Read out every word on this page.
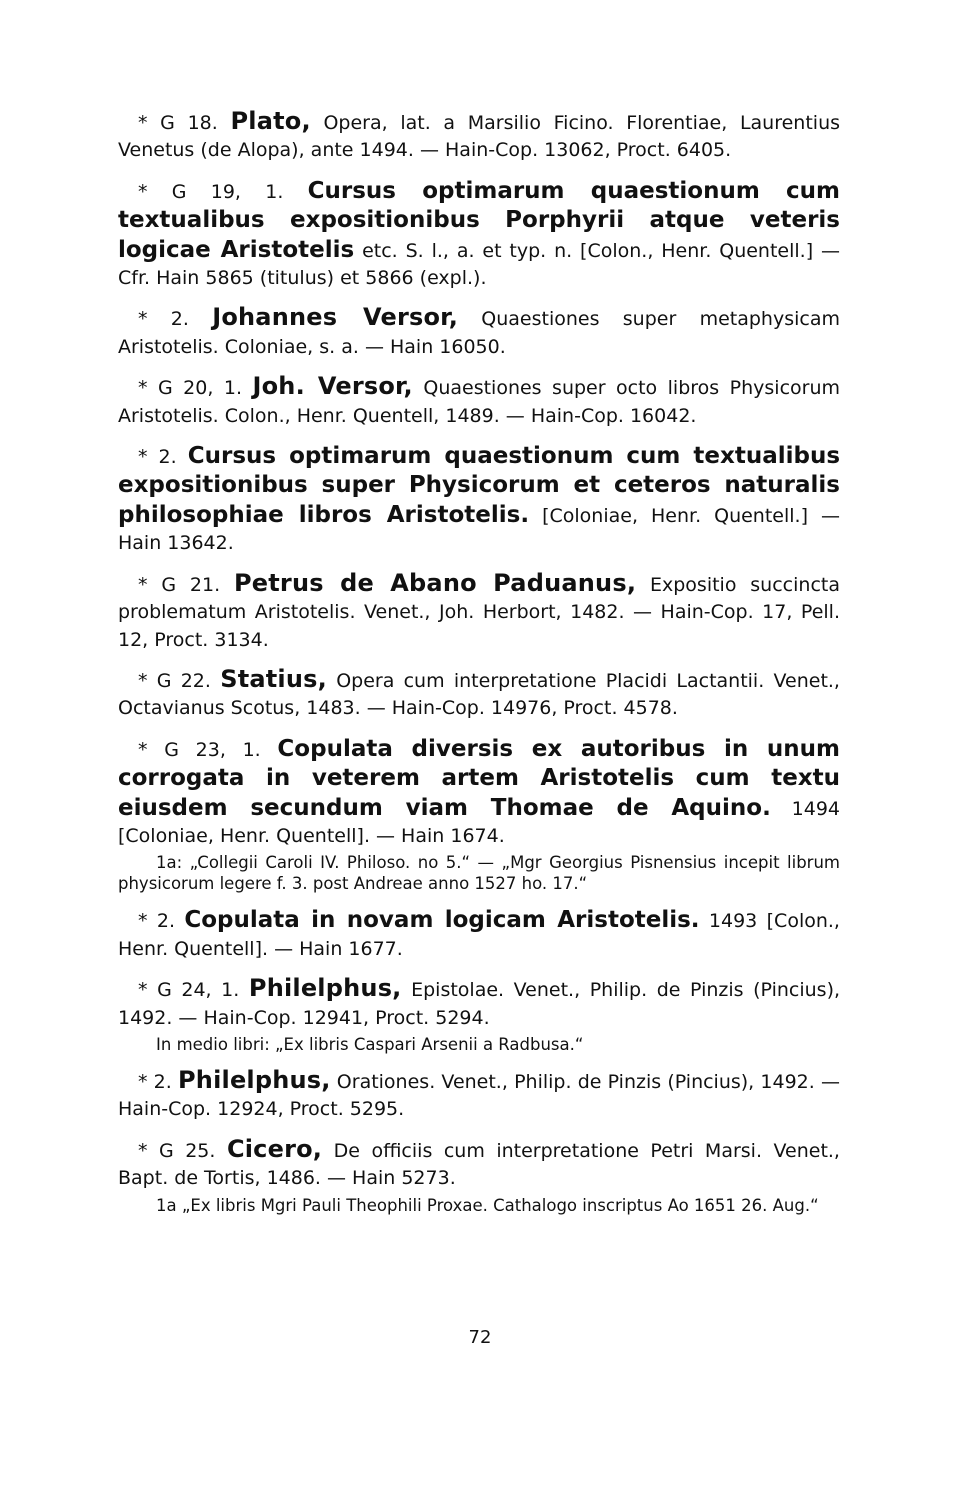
* G 18. Plato, Opera, lat. a Marsilio Ficino. Florentiae, Laurentius Venetus (de Alopa), ante 1494. — Hain-Cop. 13062, Proct. 6405.

* G 19, 1. Cursus optimarum quaestionum cum textualibus expositionibus Porphyrii atque veteris logicae Aristotelis etc. S. l., a. et typ. n. [Colon., Henr. Quentell.] — Cfr. Hain 5865 (titulus) et 5866 (expl.).

* 2. Johannes Versor, Quaestiones super metaphysicam Aristotelis. Coloniae, s. a. — Hain 16050.

* G 20, 1. Joh. Versor, Quaestiones super octo libros Physicorum Aristotelis. Colon., Henr. Quentell, 1489. — Hain-Cop. 16042.

* 2. Cursus optimarum quaestionum cum textualibus expositionibus super Physicorum et ceteros naturalis philosophiae libros Aristotelis. [Coloniae, Henr. Quentell.] — Hain 13642.

* G 21. Petrus de Abano Paduanus, Expositio succincta problematum Aristotelis. Venet., Joh. Herbort, 1482. — Hain-Cop. 17, Pell. 12, Proct. 3134.

* G 22. Statius, Opera cum interpretatione Placidi Lactantii. Venet., Octavianus Scotus, 1483. — Hain-Cop. 14976, Proct. 4578.

* G 23, 1. Copulata diversis ex autoribus in unum corrogata in veterem artem Aristotelis cum textu eiusdem secundum viam Thomae de Aquino. 1494 [Coloniae, Henr. Quentell]. — Hain 1674.

1a: „Collegii Caroli IV. Philoso. no 5.“ — „Mgr Georgius Pisnensius incepit librum physicorum legere f. 3. post Andreae anno 1527 ho. 17.“

* 2. Copulata in novam logicam Aristotelis. 1493 [Colon., Henr. Quentell]. — Hain 1677.

* G 24, 1. Philelphus, Epistolae. Venet., Philip. de Pinzis (Pincius), 1492. — Hain-Cop. 12941, Proct. 5294.

In medio libri: „Ex libris Caspari Arsenii a Radbusa.“

* 2. Philelphus, Orationes. Venet., Philip. de Pinzis (Pincius), 1492. — Hain-Cop. 12924, Proct. 5295.

* G 25. Cicero, De officiis cum interpretatione Petri Marsi. Venet., Bapt. de Tortis, 1486. — Hain 5273.

1a „Ex libris Mgri Pauli Theophili Proxae. Cathalogo inscriptus Ao 1651 26. Aug.“

72
